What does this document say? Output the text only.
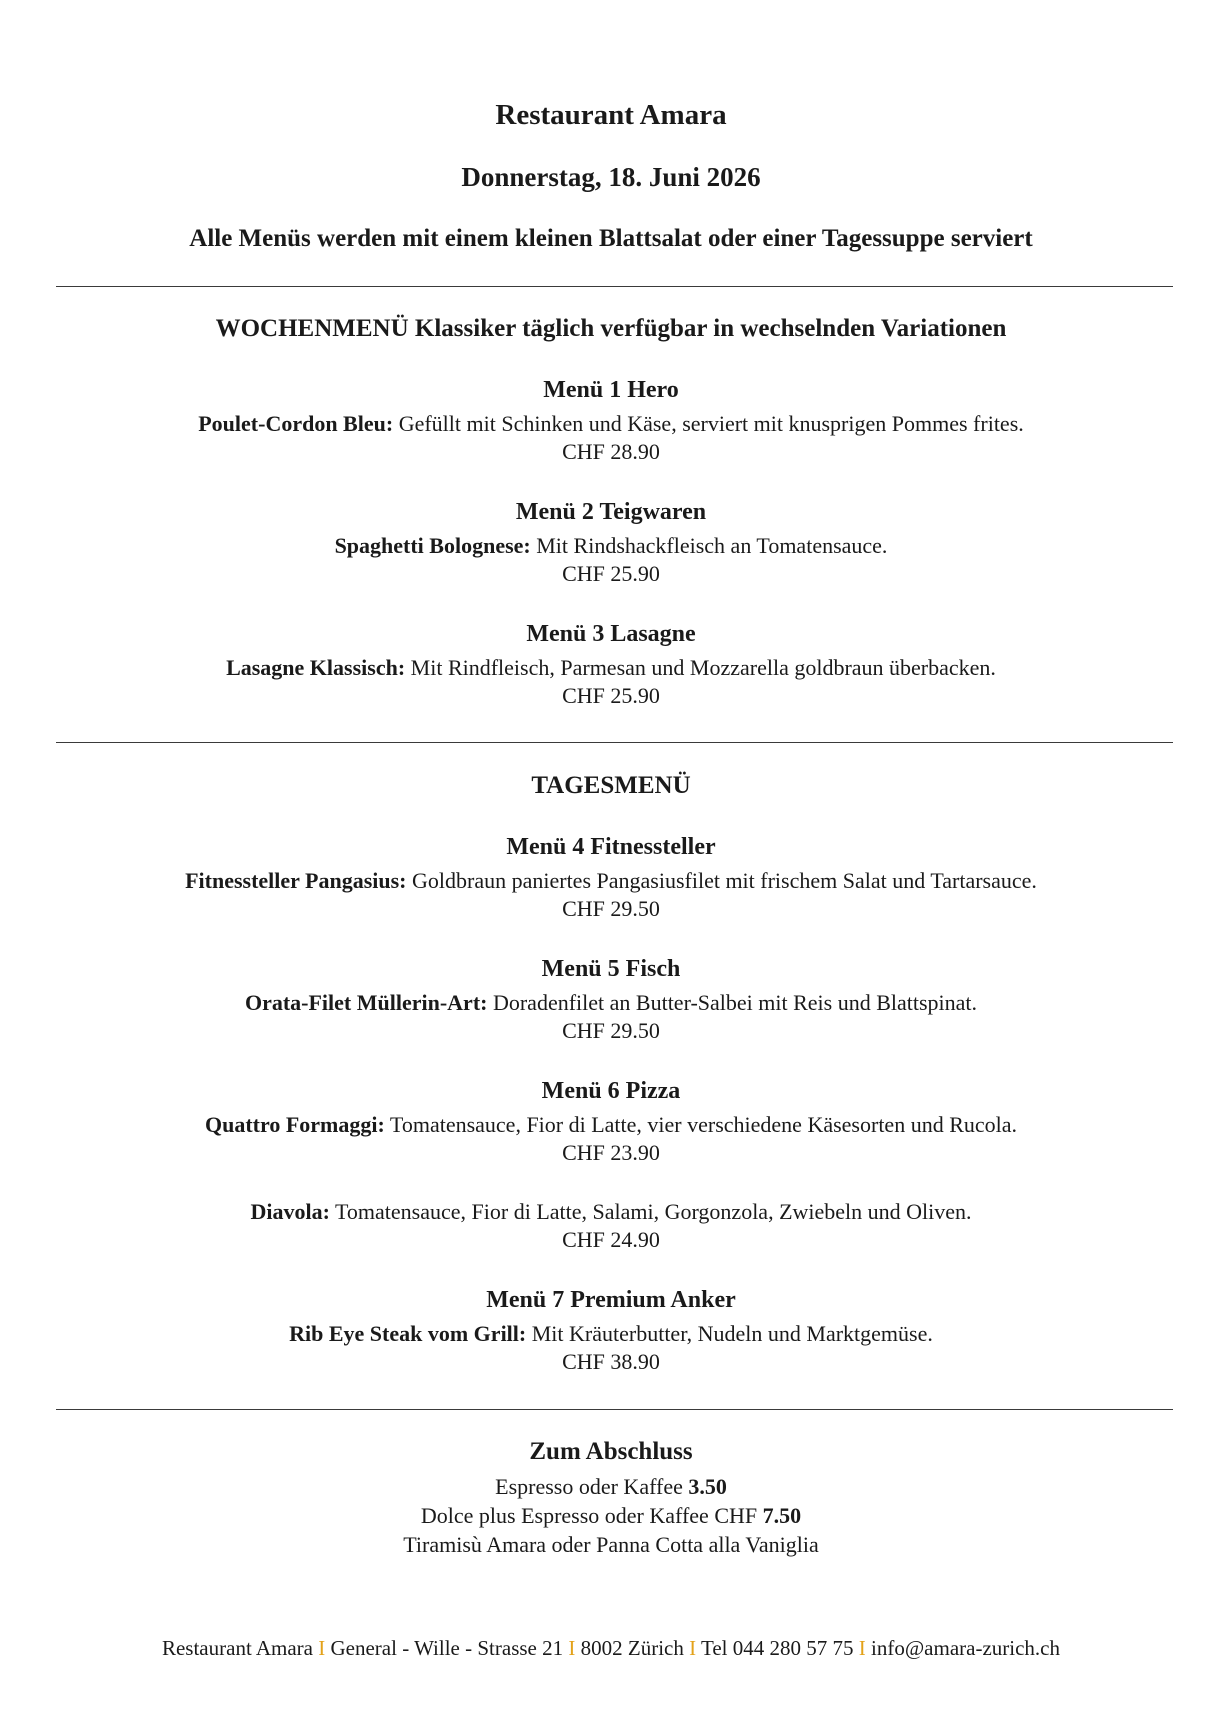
Restaurant Amara
Donnerstag, 18. Juni 2026
Alle Menüs werden mit einem kleinen Blattsalat oder einer Tagessuppe serviert
WOCHENMENÜ Klassiker täglich verfügbar in wechselnden Variationen
Menü 1 Hero
Poulet-Cordon Bleu: Gefüllt mit Schinken und Käse, serviert mit knusprigen Pommes frites.
CHF 28.90
Menü 2 Teigwaren
Spaghetti Bolognese: Mit Rindshackfleisch an Tomatensauce.
CHF 25.90
Menü 3 Lasagne
Lasagne Klassisch: Mit Rindfleisch, Parmesan und Mozzarella goldbraun überbacken.
CHF 25.90
TAGESMENÜ
Menü 4 Fitnessteller
Fitnessteller Pangasius: Goldbraun paniertes Pangasiusfilet mit frischem Salat und Tartarsauce.
CHF 29.50
Menü 5 Fisch
Orata-Filet Müllerin-Art: Doradenfilet an Butter-Salbei mit Reis und Blattspinat.
CHF 29.50
Menü 6 Pizza
Quattro Formaggi: Tomatensauce, Fior di Latte, vier verschiedene Käsesorten und Rucola.
CHF 23.90
Diavola: Tomatensauce, Fior di Latte, Salami, Gorgonzola, Zwiebeln und Oliven.
CHF 24.90
Menü 7 Premium Anker
Rib Eye Steak vom Grill: Mit Kräuterbutter, Nudeln und Marktgemüse.
CHF 38.90
Zum Abschluss
Espresso oder Kaffee 3.50
Dolce plus Espresso oder Kaffee CHF 7.50
Tiramisù Amara oder Panna Cotta alla Vaniglia
Restaurant Amara I General - Wille - Strasse 21 I 8002 Zürich I Tel 044 280 57 75 I info@amara-zurich.ch
